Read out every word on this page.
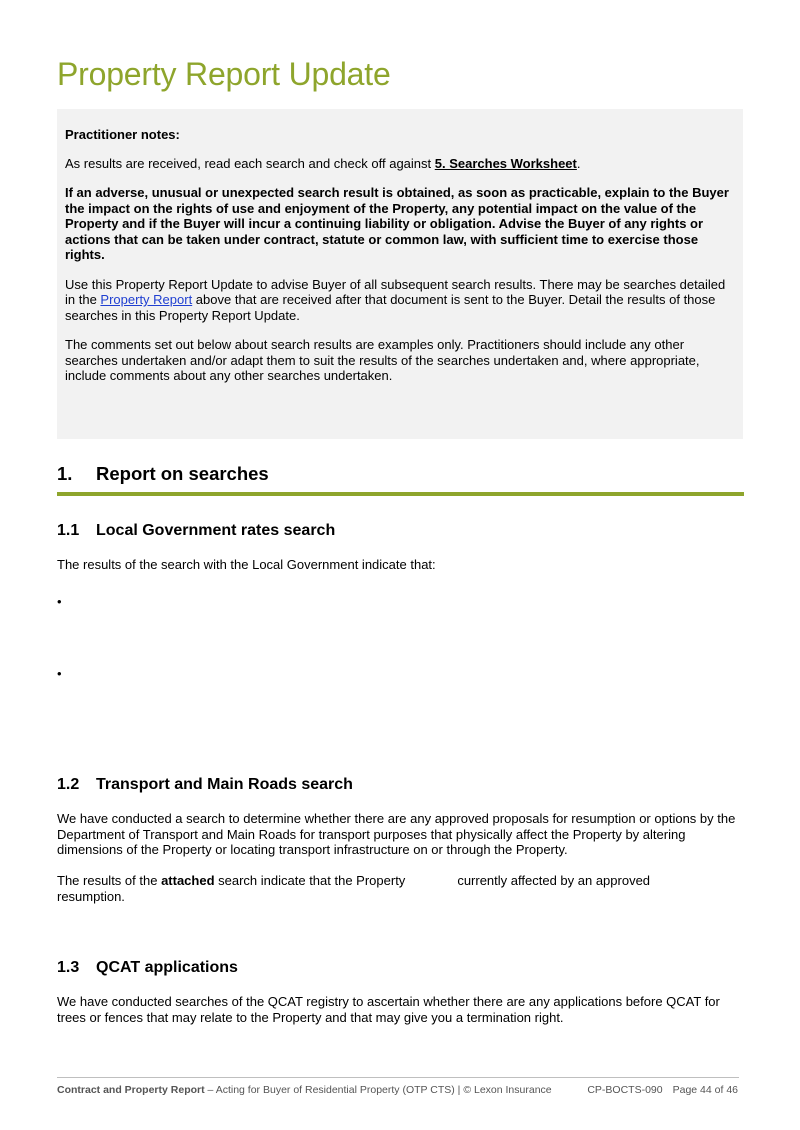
Property Report Update

Practitioner notes:

As results are received, read each search and check off against 5. Searches Worksheet.

If an adverse, unusual or unexpected search result is obtained, as soon as practicable, explain to the Buyer the impact on the rights of use and enjoyment of the Property, any potential impact on the value of the Property and if the Buyer will incur a continuing liability or obligation. Advise the Buyer of any rights or actions that can be taken under contract, statute or common law, with sufficient time to exercise those rights.

Use this Property Report Update to advise Buyer of all subsequent search results. There may be searches detailed in the Property Report above that are received after that document is sent to the Buyer. Detail the results of those searches in this Property Report Update.

The comments set out below about search results are examples only. Practitioners should include any other searches undertaken and/or adapt them to suit the results of the searches undertaken and, where appropriate, include comments about any other searches undertaken.

1. Report on searches
1.1 Local Government rates search

The results of the search with the Local Government indicate that:

•
•
1.2 Transport and Main Roads search

We have conducted a search to determine whether there are any approved proposals for resumption or options by the Department of Transport and Main Roads for transport purposes that physically affect the Property by altering dimensions of the Property or locating transport infrastructure on or through the Property.

The results of the attached search indicate that the Property	currently affected by an approved
resumption.
1.3 QCAT applications

We have conducted searches of the QCAT registry to ascertain whether there are any applications before QCAT for trees or fences that may relate to the Property and that may give you a termination right.

Contract and Property Report – Acting for Buyer of Residential Property (OTP CTS) | © Lexon Insurance	CP-BOCTS-090 Page 44 of 46
